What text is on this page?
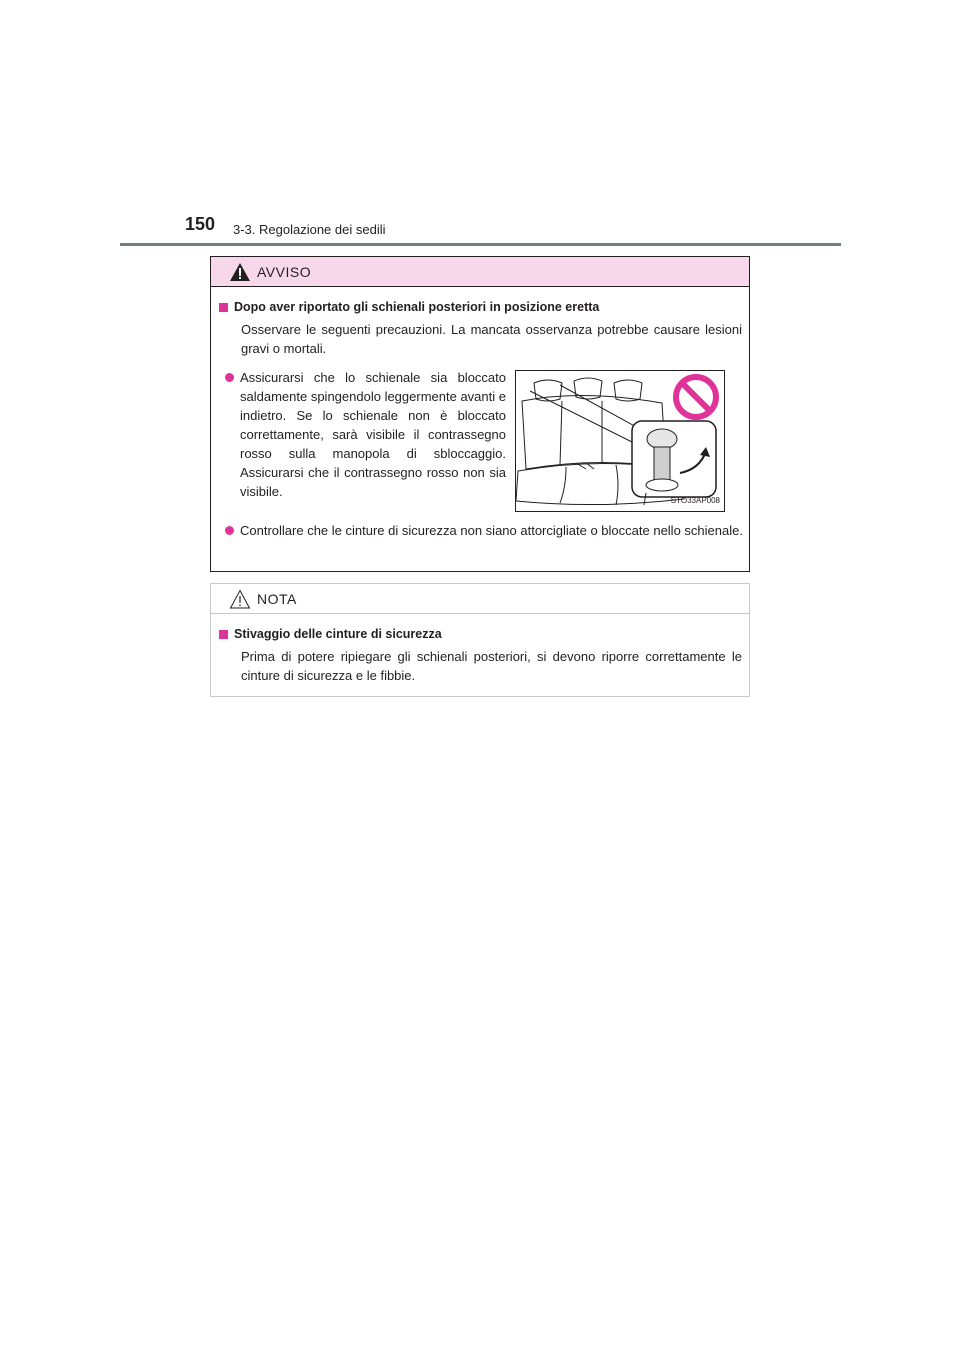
150 3-3. Regolazione dei sedili
AVVISO
Dopo aver riportato gli schienali posteriori in posizione eretta
Osservare le seguenti precauzioni. La mancata osservanza potrebbe causare lesioni gravi o mortali.
Assicurarsi che lo schienale sia bloccato saldamente spingendolo leggermente avanti e indietro. Se lo schienale non è bloccato correttamente, sarà visibile il contrassegno rosso sulla manopola di sbloccaggio. Assicurarsi che il contrassegno rosso non sia visibile.
STO33AP008
Controllare che le cinture di sicurezza non siano attorcigliate o bloccate nello schienale.
NOTA
Stivaggio delle cinture di sicurezza
Prima di potere ripiegare gli schienali posteriori, si devono riporre correttamente le cinture di sicurezza e le fibbie.
